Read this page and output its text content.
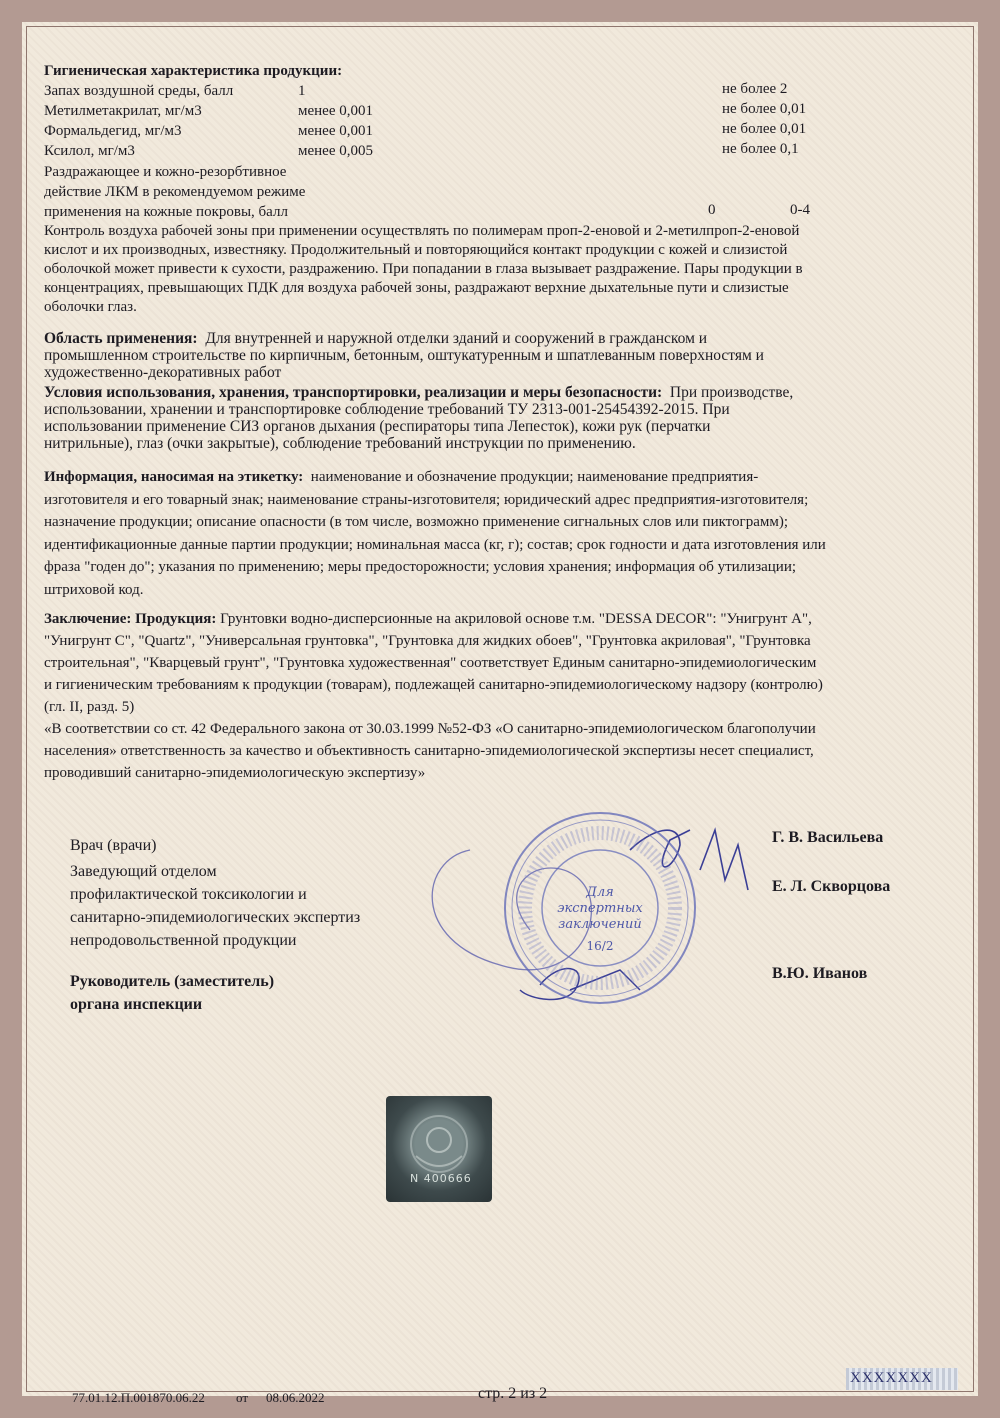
Гигиеническая характеристика продукции:
Запах воздушной среды, балл	1	не более 2
Метилметакрилат, мг/м3	менее 0,001	не более 0,01
Формальдегид, мг/м3	менее 0,001	не более 0,01
Ксилол, мг/м3	менее 0,005	не более 0,1
Раздражающее и кожно-резорбтивное
действие ЛКМ в рекомендуемом режиме
применения на кожные покровы, балл	0	0-4
Контроль воздуха рабочей зоны при применении осуществлять по полимерам проп-2-еновой и 2-метилпроп-2-еновой
кислот и их производных, известняку. Продолжительный и повторяющийся контакт продукции с кожей и слизистой
оболочкой может привести к сухости, раздражению. При попадании в глаза вызывает раздражение. Пары продукции в
концентрациях, превышающих ПДК для воздуха рабочей зоны, раздражают верхние дыхательные пути и слизистые
оболочки глаз.
Область применения: Для внутренней и наружной отделки зданий и сооружений в гражданском и
промышленном строительстве по кирпичным, бетонным, оштукатуренным и шпатлеванным поверхностям и
художественно-декоративных работ
Условия использования, хранения, транспортировки, реализации и меры безопасности: При производстве,
использовании, хранении и транспортировке соблюдение требований ТУ 2313-001-25454392-2015. При
использовании применение СИЗ органов дыхания (респираторы типа Лепесток), кожи рук (перчатки
нитрильные), глаз (очки закрытые), соблюдение требований инструкции по применению.
Информация, наносимая на этикетку: наименование и обозначение продукции; наименование предприятия-
изготовителя и его товарный знак; наименование страны-изготовителя; юридический адрес предприятия-изготовителя;
назначение продукции; описание опасности (в том числе, возможно применение сигнальных слов или пиктограмм);
идентификационные данные партии продукции; номинальная масса (кг, г); состав; срок годности и дата изготовления или
фраза "годен до"; указания по применению; меры предосторожности; условия хранения; информация об утилизации;
штриховой код.
Заключение: Продукция: Грунтовки водно-дисперсионные на акриловой основе т.м. "DESSA DECOR": "Унигрунт А",
"Унигрунт С", "Quartz", "Универсальная грунтовка", "Грунтовка для жидких обоев", "Грунтовка акриловая", "Грунтовка
строительная", "Кварцевый грунт", "Грунтовка художественная" соответствует Единым санитарно-эпидемиологическим
и гигиеническим требованиям к продукции (товарам), подлежащей санитарно-эпидемиологическому надзору (контролю)
(гл. II, разд. 5)
«В соответствии со ст. 42 Федерального закона от 30.03.1999 №52-ФЗ «О санитарно-эпидемиологическом благополучии
населения» ответственность за качество и объективность санитарно-эпидемиологической экспертизы несет специалист,
проводивший санитарно-эпидемиологическую экспертизу»
Врач (врачи)	Г. В. Васильева
Заведующий отделом
профилактической токсикологии и
санитарно-эпидемиологических экспертиз
непродовольственной продукции
Е. Л. Скворцова
Руководитель (заместитель)
органа инспекции
В.Ю. Иванов
Для
экспертных
заключений
16/2
N 400666
77.01.12.П.001870.06.22 от 08.06.2022	стр. 2 из 2
XXXXXXX
